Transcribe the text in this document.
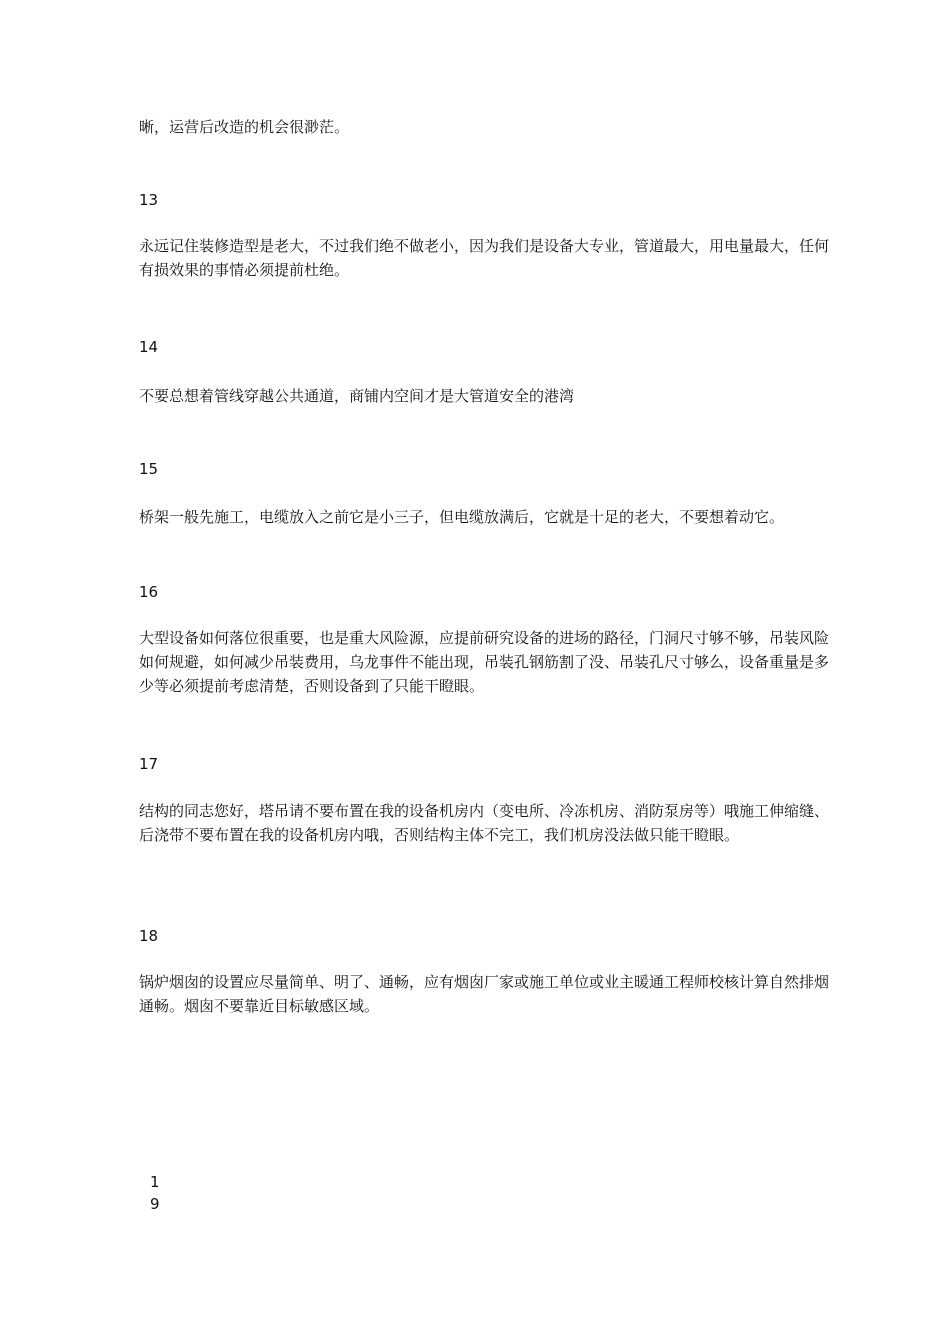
晰，运营后改造的机会很渺茫。
13
永远记住装修造型是老大，不过我们绝不做老小，因为我们是设备大专业，管道最大，用电量最大，任何有损效果的事情必须提前杜绝。
14
不要总想着管线穿越公共通道，商铺内空间才是大管道安全的港湾
15
桥架一般先施工，电缆放入之前它是小三子，但电缆放满后，它就是十足的老大，不要想着动它。
16
大型设备如何落位很重要，也是重大风险源，应提前研究设备的进场的路径，门洞尺寸够不够，吊装风险如何规避，如何减少吊装费用，乌龙事件不能出现，吊装孔钢筋割了没、吊装孔尺寸够么，设备重量是多少等必须提前考虑清楚，否则设备到了只能干瞪眼。
17
结构的同志您好，塔吊请不要布置在我的设备机房内（变电所、冷冻机房、消防泵房等）哦施工伸缩缝、后浇带不要布置在我的设备机房内哦，否则结构主体不完工，我们机房没法做只能干瞪眼。
18
锅炉烟囱的设置应尽量简单、明了、通畅，应有烟囱厂家或施工单位或业主暖通工程师校核计算自然排烟通畅。烟囱不要靠近目标敏感区域。
19
